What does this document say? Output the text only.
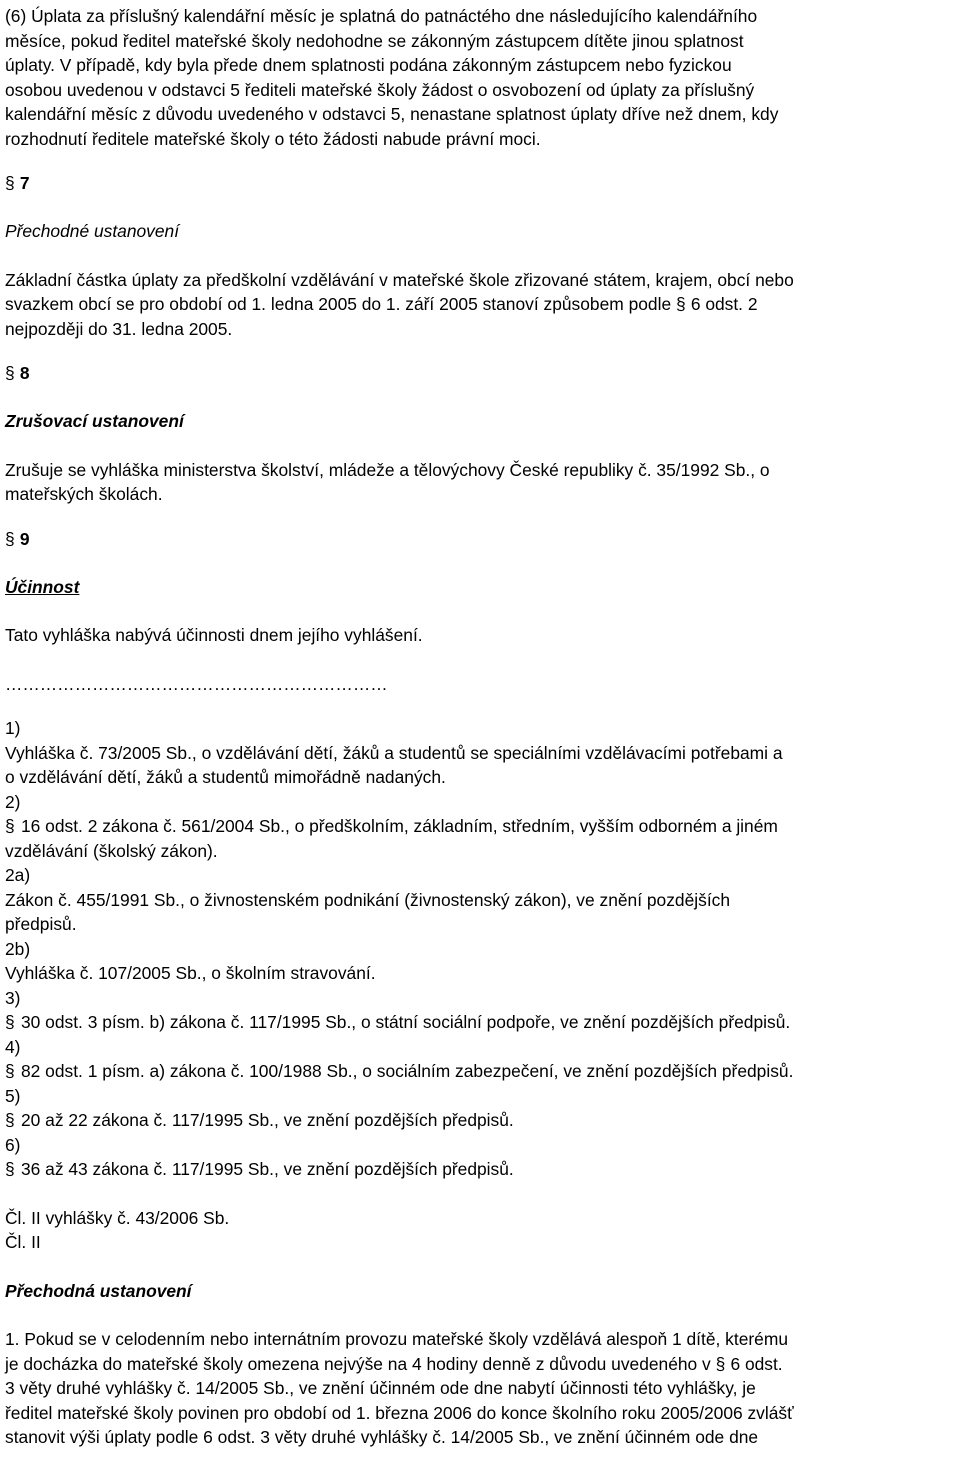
(6) Úplata za příslušný kalendářní měsíc je splatná do patnáctého dne následujícího kalendářního

měsíce, pokud ředitel mateřské školy nedohodne se zákonným zástupcem dítěte jinou splatnost

úplaty. V případě, kdy byla přede dnem splatnosti podána zákonným zástupcem nebo fyzickou

osobou uvedenou v odstavci 5 řediteli mateřské školy žádost o osvobození od úplaty za příslušný

kalendářní měsíc z důvodu uvedeného v odstavci 5, nenastane splatnost úplaty dříve než dnem, kdy

rozhodnutí ředitele mateřské školy o této žádosti nabude právní moci.

§ 7

Přechodné ustanovení

Základní částka úplaty za předškolní vzdělávání v mateřské škole zřizované státem, krajem, obcí nebo

svazkem obcí se pro období od 1. ledna 2005 do 1. září 2005 stanoví způsobem podle § 6 odst. 2

nejpozději do 31. ledna 2005.

§ 8

Zrušovací ustanovení

Zrušuje se vyhláška ministerstva školství, mládeže a tělovýchovy České republiky č. 35/1992 Sb., o

mateřských školách.

§ 9

Účinnost

Tato vyhláška nabývá účinnosti dnem jejího vyhlášení.

…………………………………………………………

1)

Vyhláška č. 73/2005 Sb., o vzdělávání dětí, žáků a studentů se speciálními vzdělávacími potřebami a

o vzdělávání dětí, žáků a studentů mimořádně nadaných.

2)

§ 16 odst. 2 zákona č. 561/2004 Sb., o předškolním, základním, středním, vyšším odborném a jiném

vzdělávání (školský zákon).

2a)

Zákon č. 455/1991 Sb., o živnostenském podnikání (živnostenský zákon), ve znění pozdějších

předpisů.

2b)

Vyhláška č. 107/2005 Sb., o školním stravování.

3)

§ 30 odst. 3 písm. b) zákona č. 117/1995 Sb., o státní sociální podpoře, ve znění pozdějších předpisů.

4)

§ 82 odst. 1 písm. a) zákona č. 100/1988 Sb., o sociálním zabezpečení, ve znění pozdějších předpisů.

5)

§ 20 až 22 zákona č. 117/1995 Sb., ve znění pozdějších předpisů.

6)

§ 36 až 43 zákona č. 117/1995 Sb., ve znění pozdějších předpisů.

Čl. II vyhlášky č. 43/2006 Sb.

Čl. II

Přechodná ustanovení

1. Pokud se v celodenním nebo internátním provozu mateřské školy vzdělává alespoň 1 dítě, kterému

je docházka do mateřské školy omezena nejvýše na 4 hodiny denně z důvodu uvedeného v § 6 odst.

3 věty druhé vyhlášky č. 14/2005 Sb., ve znění účinném ode dne nabytí účinnosti této vyhlášky, je

ředitel mateřské školy povinen pro období od 1. března 2006 do konce školního roku 2005/2006 zvlášť

stanovit výši úplaty podle 6 odst. 3 věty druhé vyhlášky č. 14/2005 Sb., ve znění účinném ode dne
